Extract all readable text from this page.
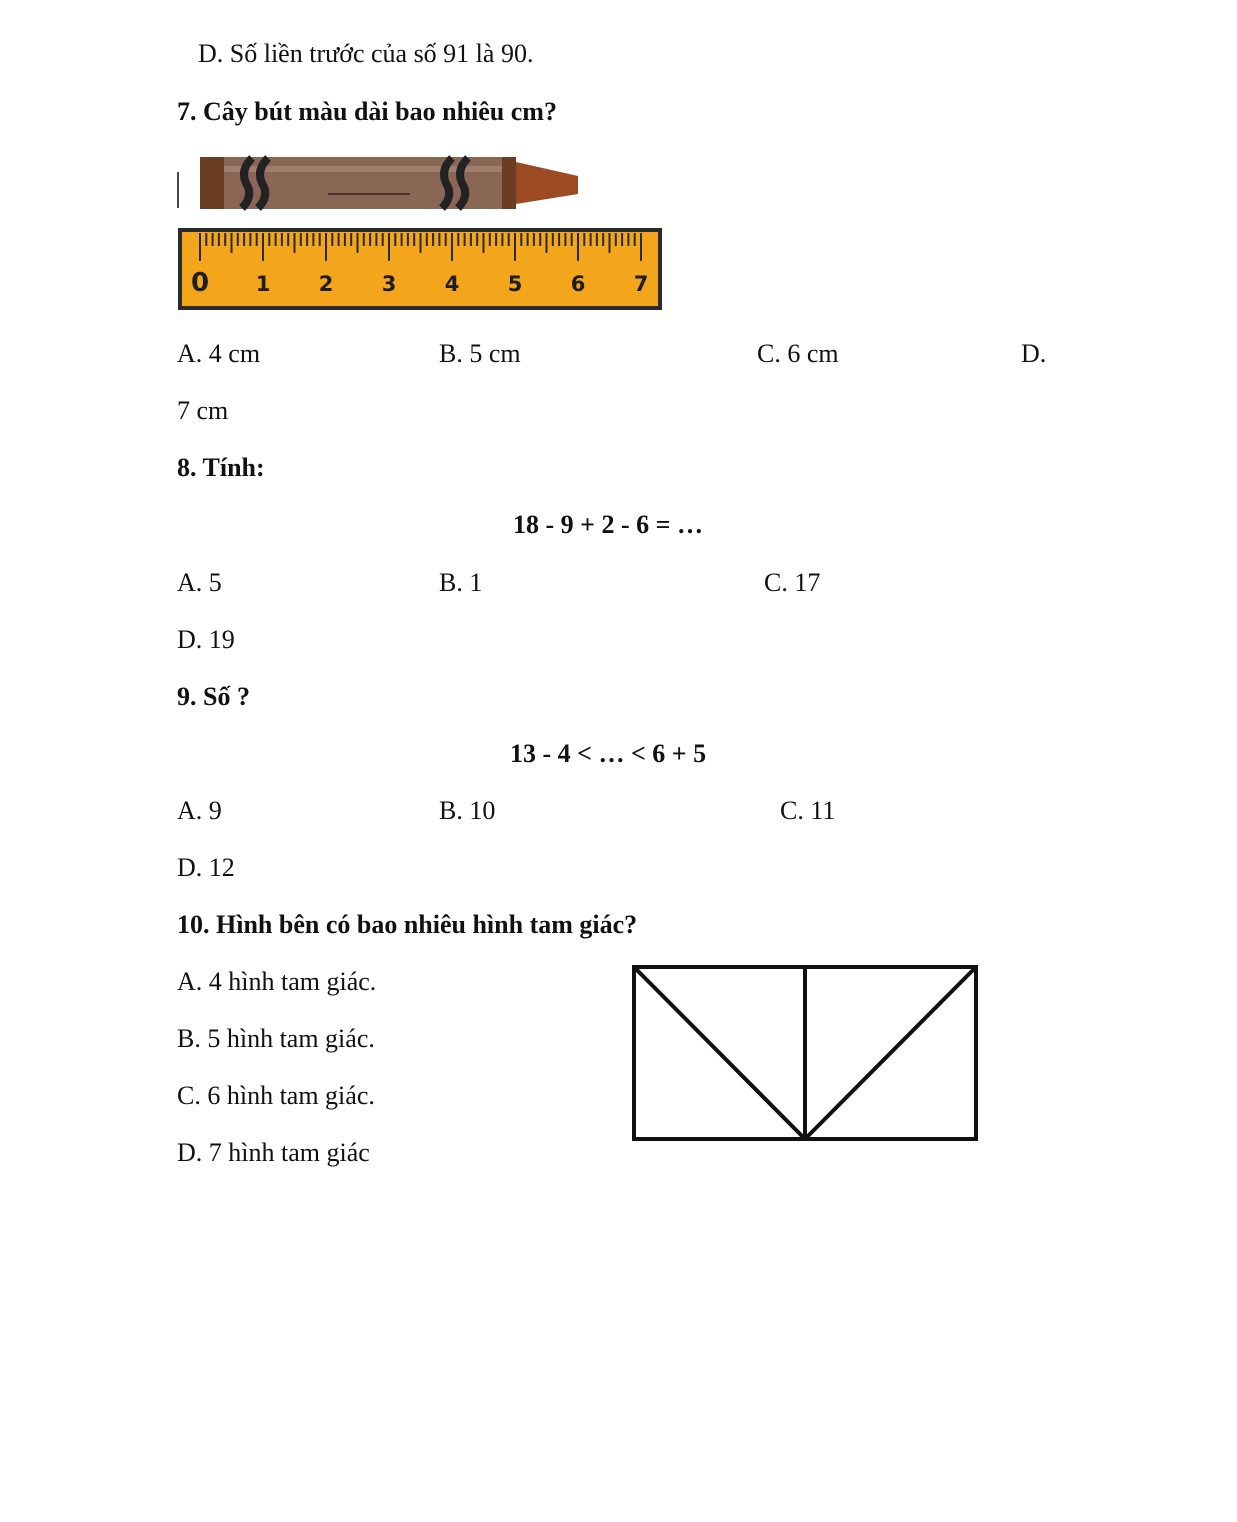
D. Số liền trước của số 91 là 90.
7. Cây bút màu dài bao nhiêu cm?
0 1 2 3 4 5 6 7
A. 4 cm	B. 5 cm	C. 6 cm	D.
7 cm
8. Tính:
18 - 9 + 2 - 6 = …
A. 5	B. 1	C. 17
D. 19
9. Số ?
13 - 4 < … < 6 + 5
A. 9	B. 10	C. 11
D. 12
10. Hình bên có bao nhiêu hình tam giác?
A. 4 hình tam giác.
B. 5 hình tam giác.
C. 6 hình tam giác.
D. 7 hình tam giác
